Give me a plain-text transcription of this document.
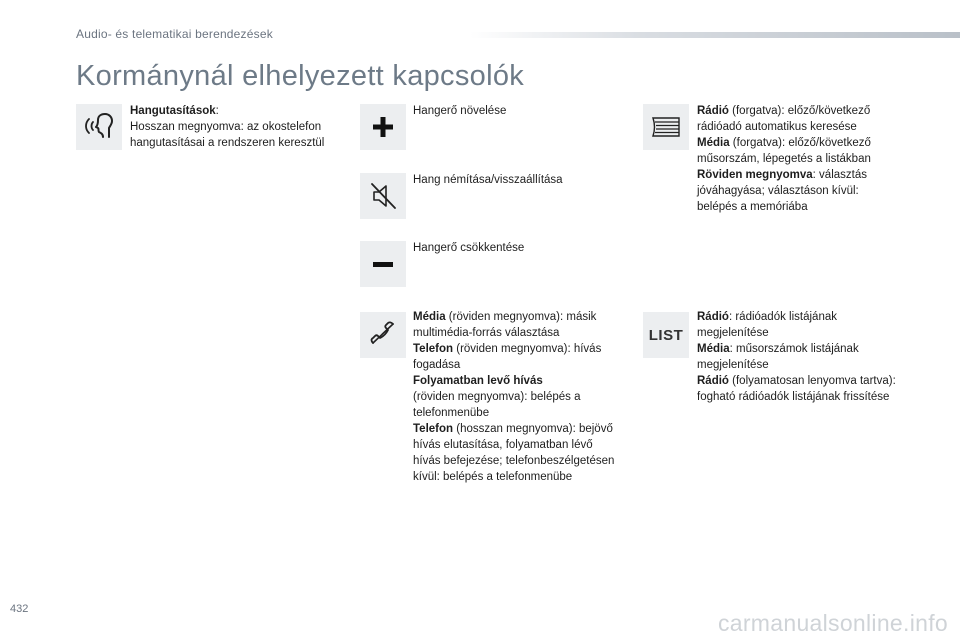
Audio- és telematikai berendezések
Kormánynál elhelyezett kapcsolók
Hangutasítások:
Hosszan megnyomva: az okostelefon hangutasításai a rendszeren keresztül
Hangerő növelése
Hang némítása/visszaállítása
Hangerő csökkentése
Média (röviden megnyomva): másik multimédia-forrás választása
Telefon (röviden megnyomva): hívás fogadása
Folyamatban levő hívás
(röviden megnyomva): belépés a telefonmenübe
Telefon (hosszan megnyomva): bejövő hívás elutasítása, folyamatban lévő hívás befejezése; telefonbeszélgetésen kívül: belépés a telefonmenübe
Rádió (forgatva): előző/következő rádióadó automatikus keresése
Média (forgatva): előző/következő műsorszám, lépegetés a listákban
Röviden megnyomva: választás jóváhagyása; választáson kívül: belépés a memóriába
LIST
Rádió: rádióadók listájának megjelenítése
Média: műsorszámok listájának megjelenítése
Rádió (folyamatosan lenyomva tartva): fogható rádióadók listájának frissítése
432
carmanualsonline.info
